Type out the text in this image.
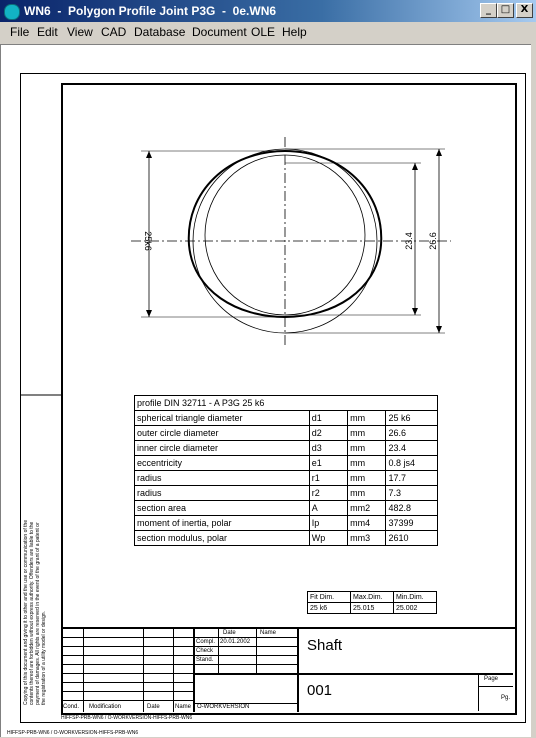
WN6  -  Polygon Profile Joint P3G  -  0e.WN6	_ □	X
File Edit View CAD Database Document OLE Help
25k6	23.4 26.6
profile DIN 32711 - A P3G 25 k6			
spherical triangle diameter	d1	mm	25 k6
outer circle diameter	d2	mm	26.6
inner circle diameter	d3	mm	23.4
eccentricity	e1	mm	0.8 js4
radius	r1	mm	17.7
radius	r2	mm	7.3
section area	A	mm2	482.8
moment of inertia, polar	Ip	mm4	37399
section modulus, polar	Wp	mm3	2610
Fit Dim.	Max.Dim.	Min.Dim.
25 k6	25.015	25.002
Date	Name
Compl. 20.01.2002
Check
Stand.
Shaft
001
Page
Pg.
Cond. Modification	Date	Name O-WORKVERSION
Copying of this document and giving it to other and the use or communication of the contents thereof are forbidden without express authority. Offenders are liable to the payment of damages. All rights are reserved in the event of the grant of a patent or the registration of a utility model or design.
HIFFSP-PRB-WN6 / O-WORKVERSION-HIFFS-PRB-WN6
HIFFSP-PRB-WN6 / O-WORKVERSION-HIFFS-PRB-WN6
